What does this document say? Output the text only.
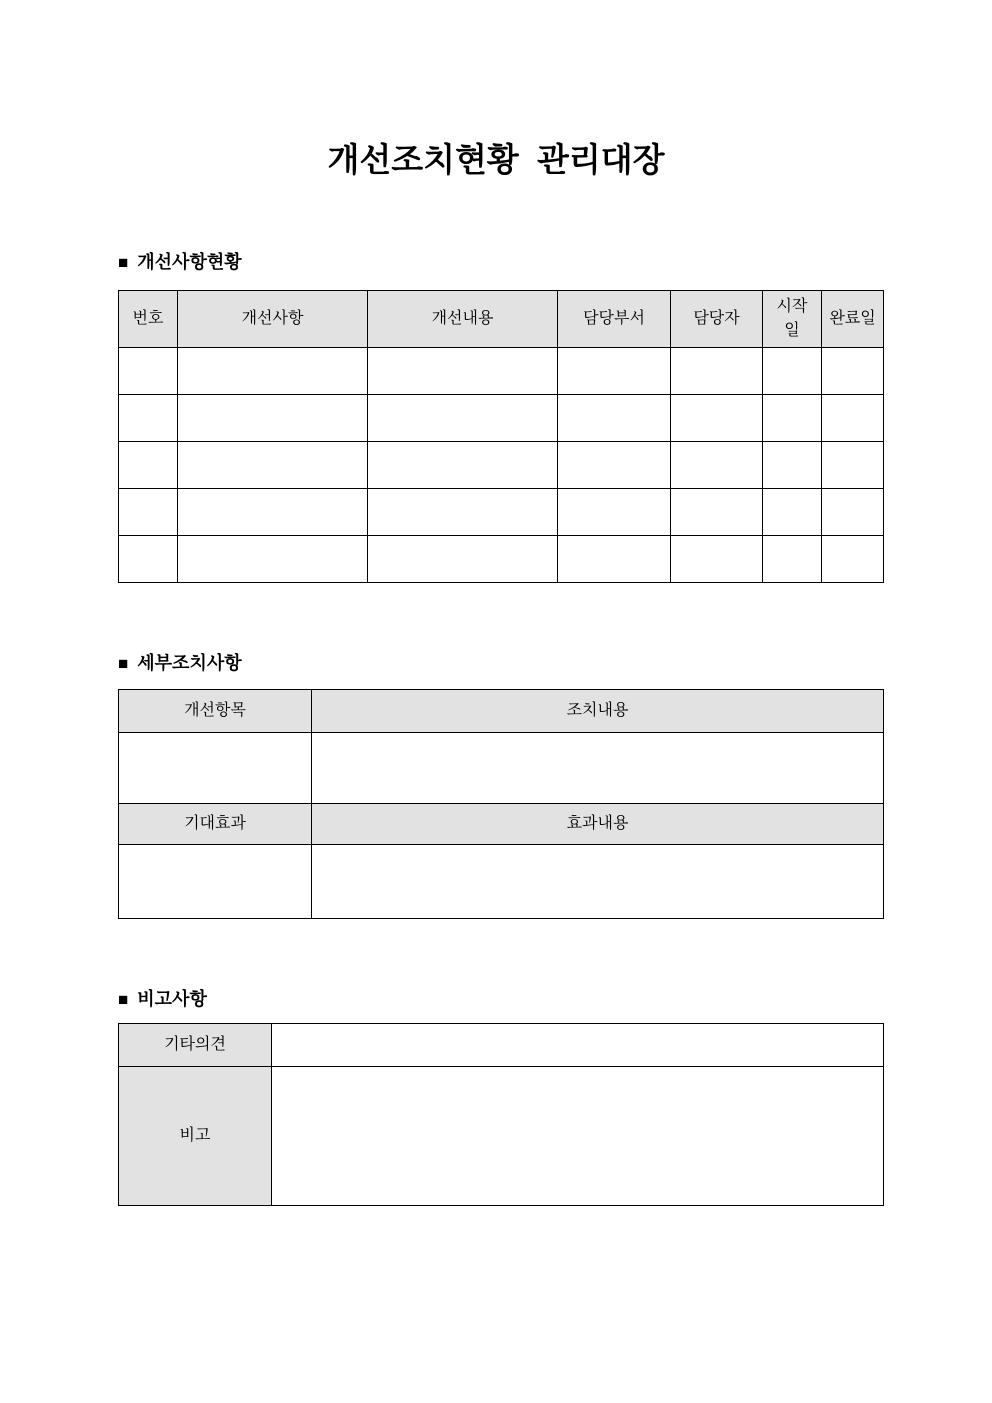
개선조치현황  관리대장
■ 개선사항현황
번호	개선사항	개선내용	담당부서	담당자	시작일	완료일

■ 세부조치사항
개선항목	조치내용

기대효과	효과내용

■ 비고사항
기타의견	
비고	
